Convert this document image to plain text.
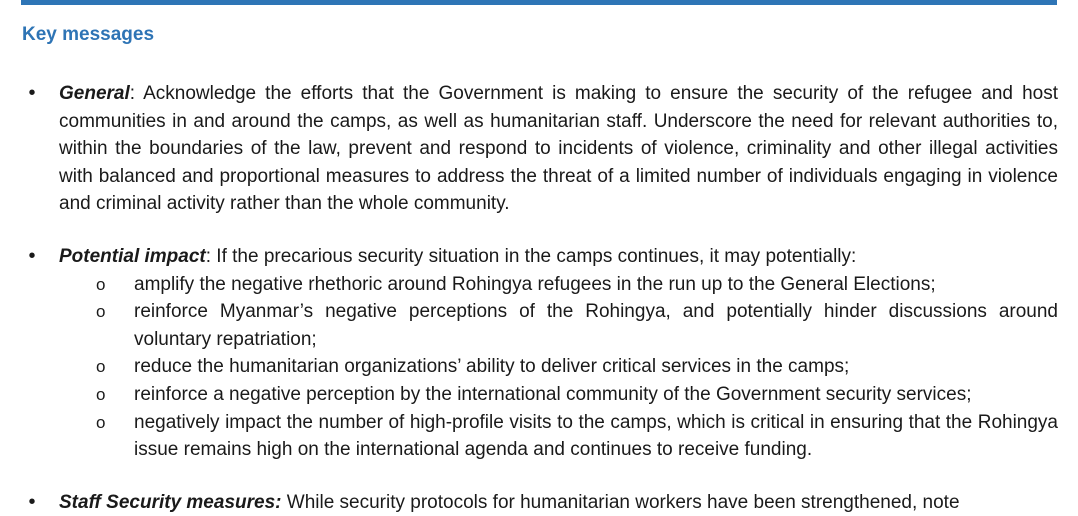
Key messages
• General: Acknowledge the efforts that the Government is making to ensure the security of the refugee and host communities in and around the camps, as well as humanitarian staff. Underscore the need for relevant authorities to, within the boundaries of the law, prevent and respond to incidents of violence, criminality and other illegal activities with balanced and proportional measures to address the threat of a limited number of individuals engaging in violence and criminal activity rather than the whole community.
• Potential impact: If the precarious security situation in the camps continues, it may potentially:
o amplify the negative rhethoric around Rohingya refugees in the run up to the General Elections;
o reinforce Myanmar’s negative perceptions of the Rohingya, and potentially hinder discussions around voluntary repatriation;
o reduce the humanitarian organizations’ ability to deliver critical services in the camps;
o reinforce a negative perception by the international community of the Government security services;
o negatively impact the number of high-profile visits to the camps, which is critical in ensuring that the Rohingya issue remains high on the international agenda and continues to receive funding.
• Staff Security measures: While security protocols for humanitarian workers have been strengthened, note
